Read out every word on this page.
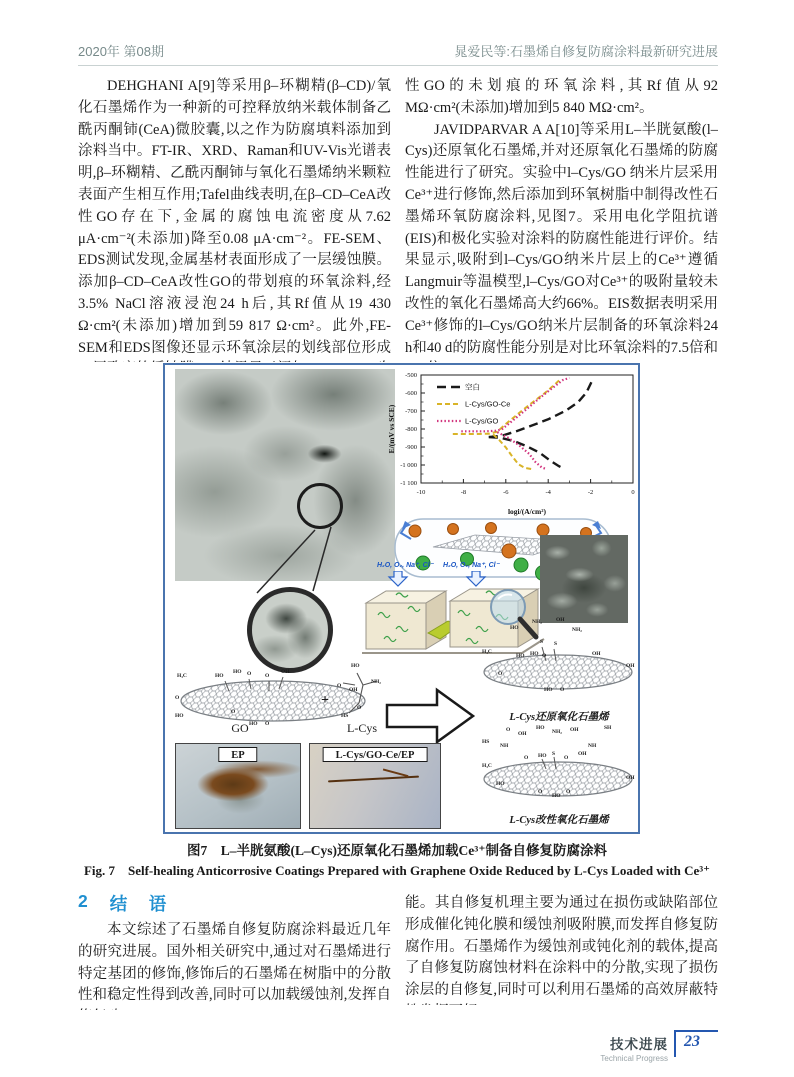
2020年 第08期	晁爱民等:石墨烯自修复防腐涂料最新研究进展

DEHGHANI A[9]等采用β–环糊精(β–CD)/氧化石墨烯作为一种新的可控释放纳米载体制备乙酰丙酮铈(CeA)微胶囊,以之作为防腐填料添加到涂料当中。FT-IR、XRD、Raman和UV-Vis光谱表明,β–环糊精、乙酰丙酮铈与氧化石墨烯纳米颗粒表面产生相互作用;Tafel曲线表明,在β–CD–CeA改性GO存在下,金属的腐蚀电流密度从7.62 μA·cm⁻²(未添加)降至0.08 μA·cm⁻²。FE-SEM、EDS测试发现,金属基材表面形成了一层缓蚀膜。添加β–CD–CeA改性GO的带划痕的环氧涂料,经3.5% NaCl溶液浸泡24 h后,其Rf值从19 430 Ω·cm²(未添加)增加到59 817 Ω·cm²。此外,FE-SEM和EDS图像还显示环氧涂层的划线部位形成

性GO的未划痕的环氧涂料,其Rf值从92 MΩ·cm²(未添加)增加到5 840 MΩ·cm²。

JAVIDPARVAR A A[10]等采用L–半胱氨酸(l–Cys)还原氧化石墨烯,并对还原氧化石墨烯的防腐性能进行了研究。实验中l–Cys/GO 纳米片层采用Ce³⁺进行修饰,然后添加到环氧树脂中制得改性石墨烯环氧防腐涂料,见图7。采用电化学阻抗谱(EIS)和极化实验对涂料的防腐性能进行评价。结果显示,吸附到l–Cys/GO纳米片层上的Ce³⁺遵循Langmuir等温模型,l–Cys/GO对Ce³⁺的吸附量较未改性的氧化石墨烯高大约66%。EIS数据表明采用Ce³⁺修饰的l–Cys/GO纳米片层制备的环氧涂料24 h和40 d的防腐性能分别是对比环氧涂料的7.5倍和

-10	-8	-6	-4	-2	0
-500
-600
-700
-800
-900
-1 000
-1 100
logi/(A/cm²)
E/(mV vs SCE)
空白
L-Cys/GO-Ce
L-Cys/GO
H₂O, O₂, Na⁺, Cl⁻ H₂O, O₂, Na⁺, Cl⁻
H₃C
O
HO
HO
HO O O
OH
O
HO O
OH
O
GO
+
HO
O
NH₂
HS
L-Cys
HO
NH₂	OH
NH₂
S S
H₃C
HO HO O	OH
O
HO O
OH
L-Cys还原氧化石墨烯
O
OH
HO
NH₂ OH	SH
HS
NH	NH
O HO S
O
OH
H₃C
HO
O
HO
O
OH
L-Cys改性氧化石墨烯
EP	L-Cys/GO-Ce/EP
图7　L–半胱氨酸(L–Cys)还原氧化石墨烯加载Ce³⁺制备自修复防腐涂料
Fig. 7　Self-healing Anticorrosive Coatings Prepared with Graphene Oxide Reduced by L-Cys Loaded with Ce³⁺
2 结　语

本文综述了石墨烯自修复防腐涂料最近几年的研究进展。国外相关研究中,通过对石墨烯进行特定基团的修饰,修饰后的石墨烯在树脂中的分散性和稳定性得到改善,同时可以加载缓蚀剂,发挥自

能。其自修复机理主要为通过在损伤或缺陷部位形成催化钝化膜和缓蚀剂吸附膜,而发挥自修复防腐作用。石墨烯作为缓蚀剂或钝化剂的载体,提高了自修复防腐蚀材料在涂料中的分散,实现了损伤涂层的自修复,同时可以利用石墨烯的高效屏蔽特

技术进展
Technical Progress
23
